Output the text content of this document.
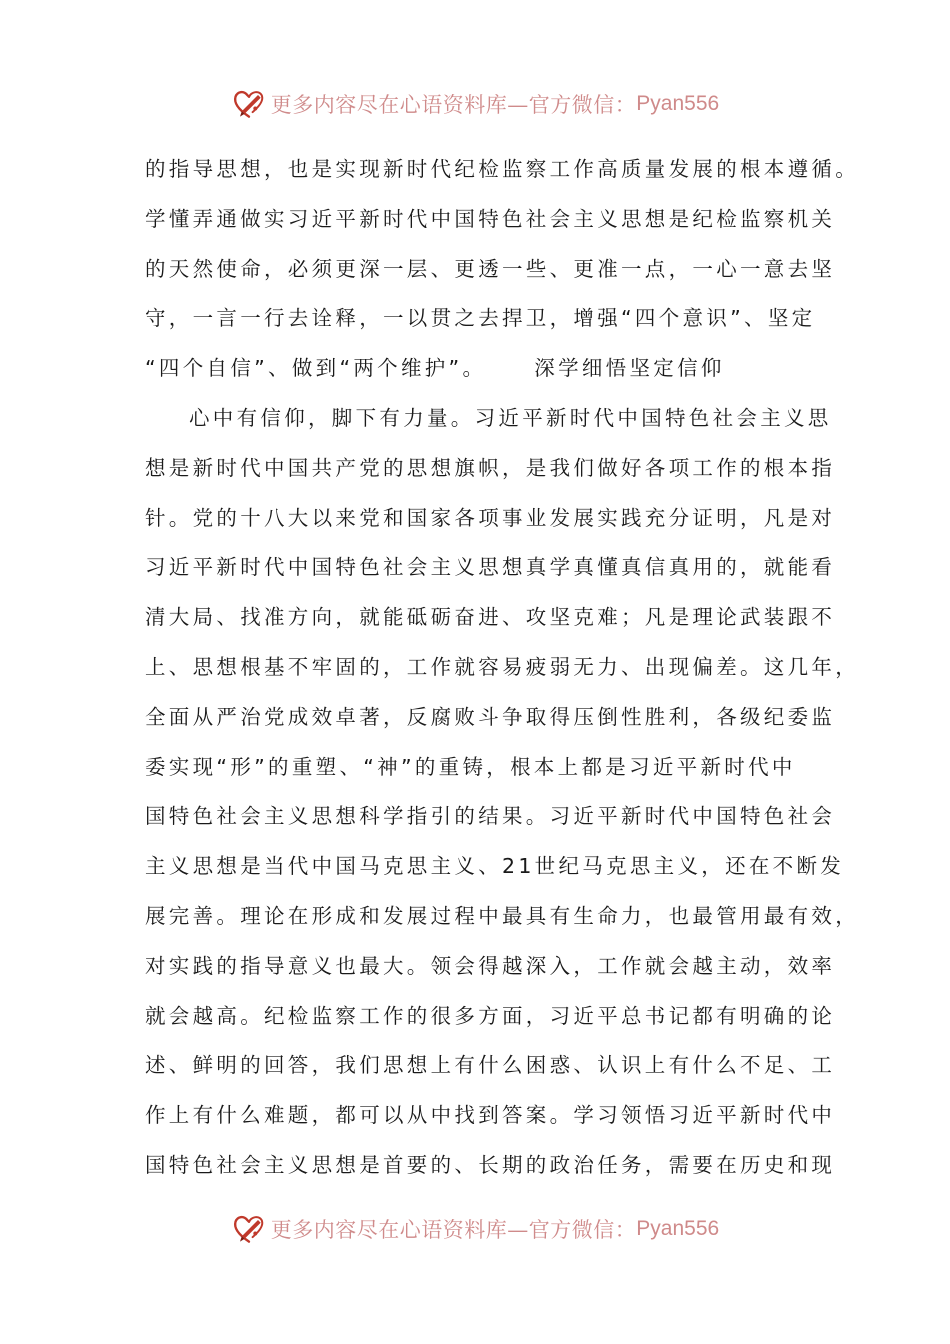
更多内容尽在心语资料库—官方微信： Pyan556
的指导思想，也是实现新时代纪检监察工作高质量发展的根本遵循。
学懂弄通做实习近平新时代中国特色社会主义思想是纪检监察机关
的天然使命，必须更深一层、更透一些、更准一点，一心一意去坚
守，一言一行去诠释，一以贯之去捍卫，增强“四个意识”、坚定
“四个自信”、做到“两个维护”。 深学细悟坚定信仰
心中有信仰，脚下有力量。习近平新时代中国特色社会主义思
想是新时代中国共产党的思想旗帜，是我们做好各项工作的根本指
针。党的十八大以来党和国家各项事业发展实践充分证明，凡是对
习近平新时代中国特色社会主义思想真学真懂真信真用的，就能看
清大局、找准方向，就能砥砺奋进、攻坚克难；凡是理论武装跟不
上、思想根基不牢固的，工作就容易疲弱无力、出现偏差。这几年，
全面从严治党成效卓著，反腐败斗争取得压倒性胜利，各级纪委监
委实现“形”的重塑、“神”的重铸，根本上都是习近平新时代中
国特色社会主义思想科学指引的结果。习近平新时代中国特色社会
主义思想是当代中国马克思主义、21世纪马克思主义，还在不断发
展完善。理论在形成和发展过程中最具有生命力，也最管用最有效，
对实践的指导意义也最大。领会得越深入，工作就会越主动，效率
就会越高。纪检监察工作的很多方面，习近平总书记都有明确的论
述、鲜明的回答，我们思想上有什么困惑、认识上有什么不足、工
作上有什么难题，都可以从中找到答案。学习领悟习近平新时代中
国特色社会主义思想是首要的、长期的政治任务，需要在历史和现
更多内容尽在心语资料库—官方微信： Pyan556
